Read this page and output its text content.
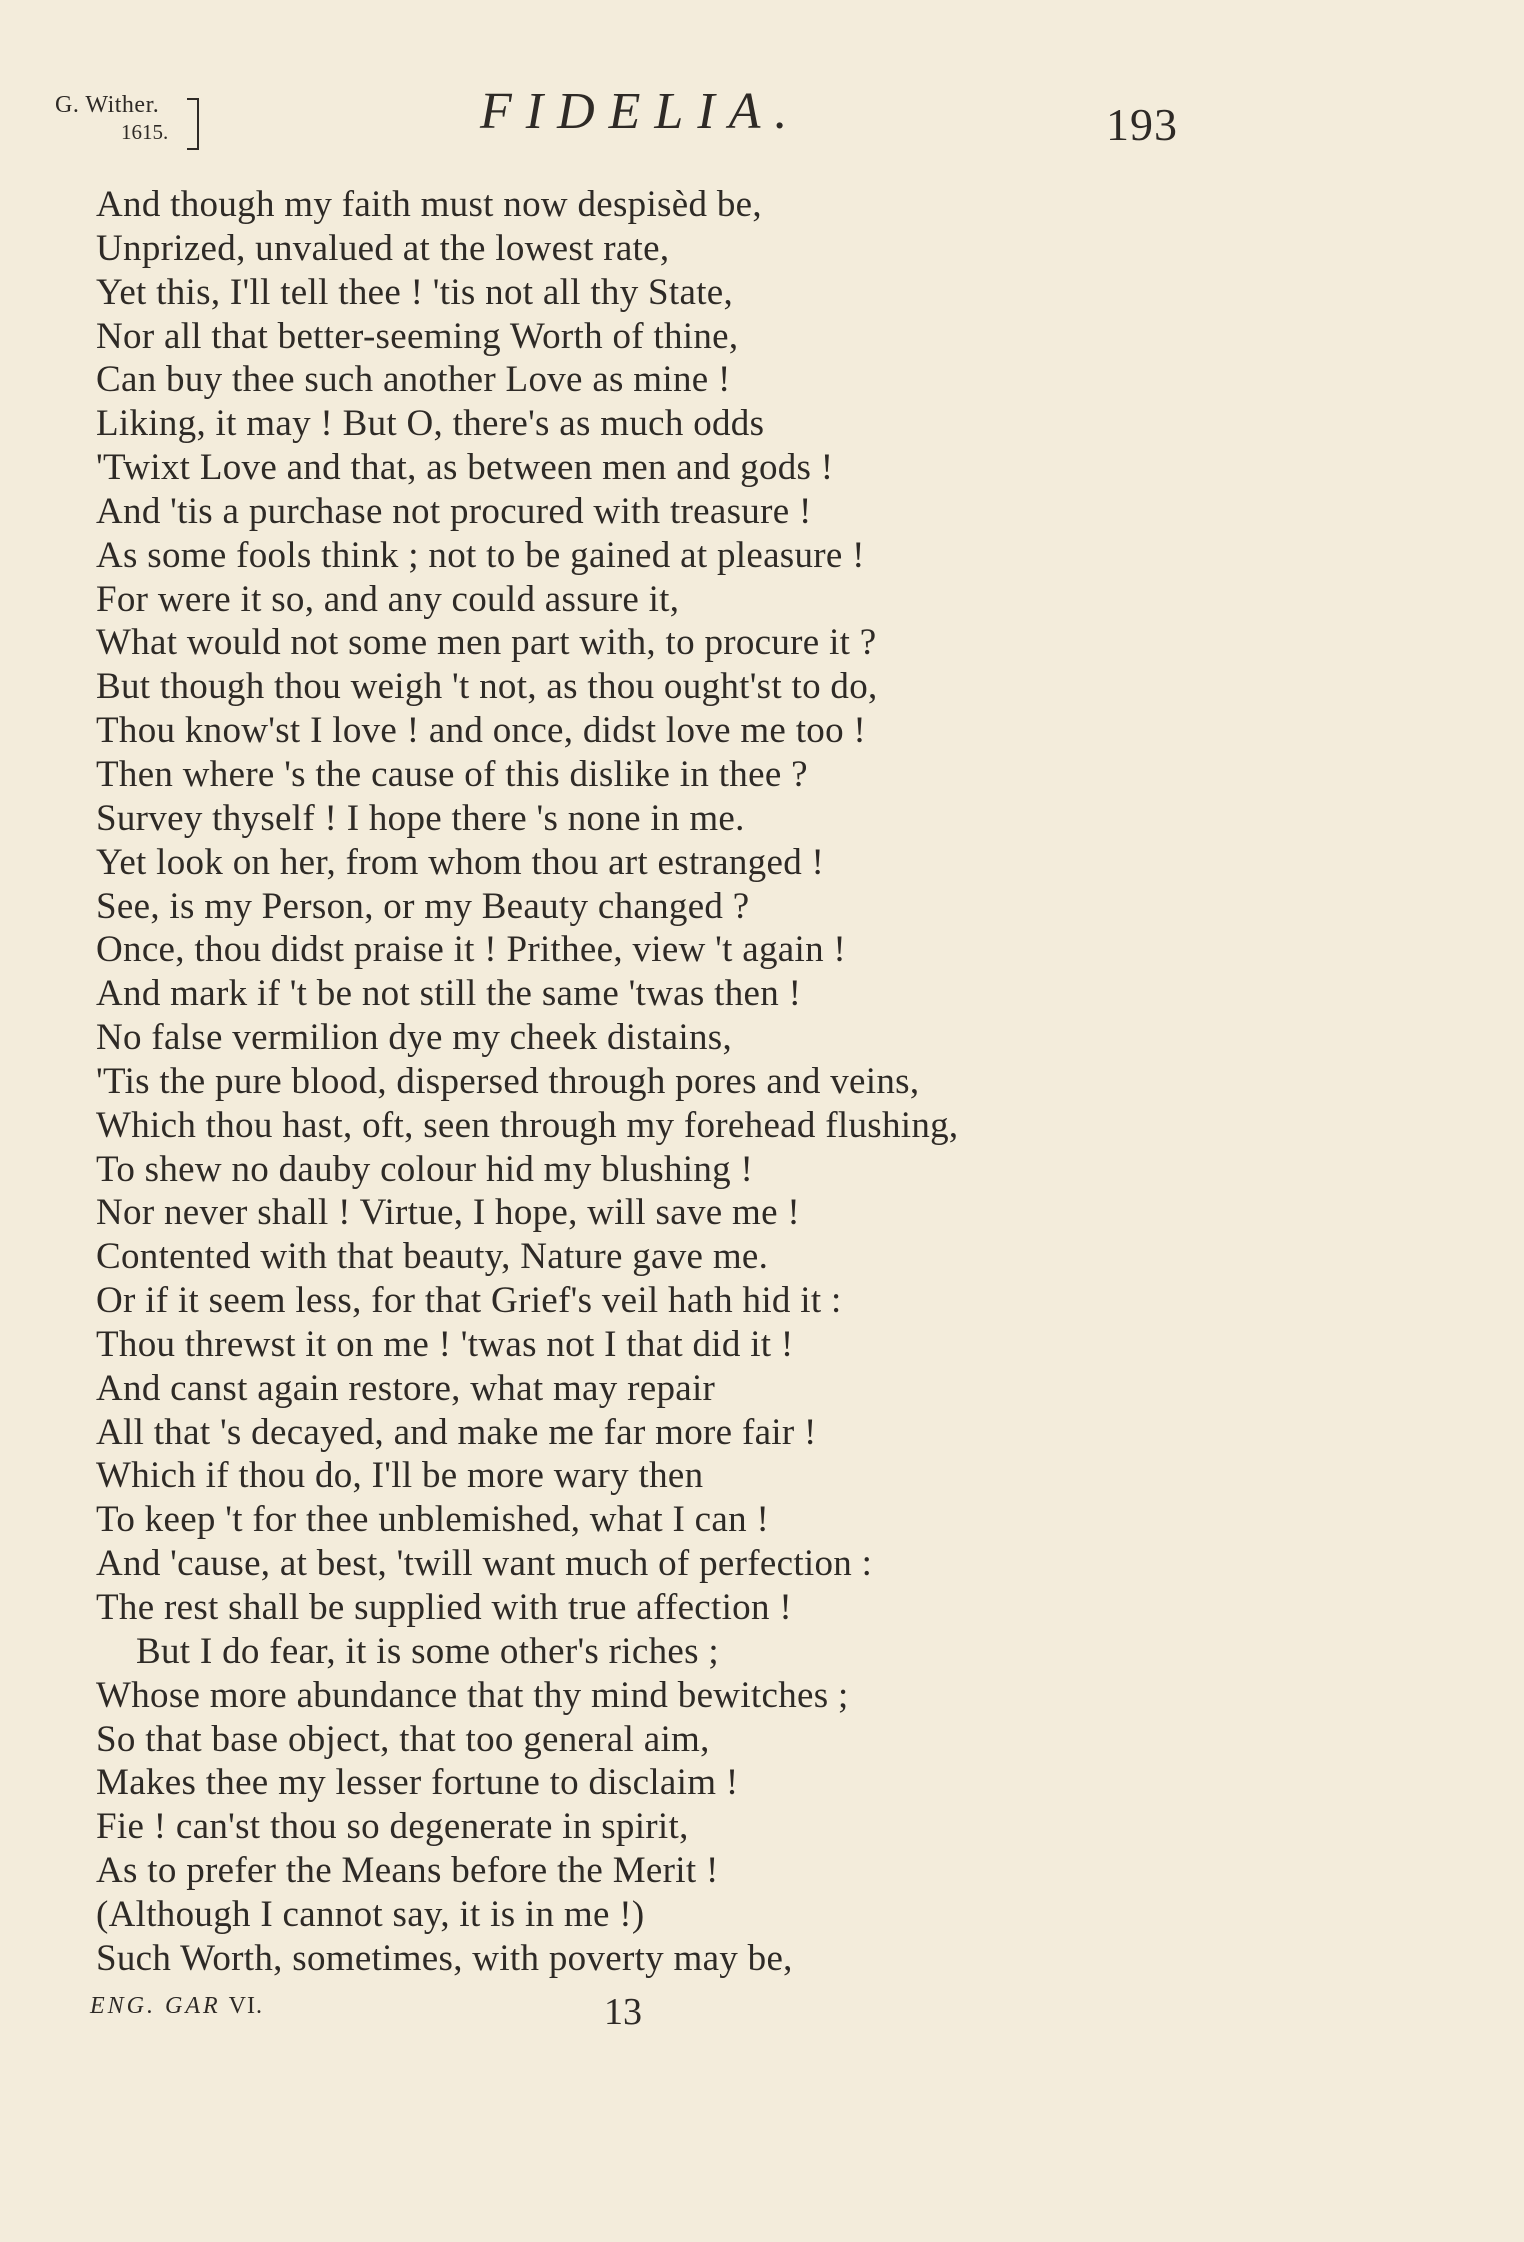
G. Wither.
1615.	FIDELIA.	193
And though my faith must now despisèd be,
Unprized, unvalued at the lowest rate,
Yet this, I'll tell thee ! 'tis not all thy State,
Nor all that better-seeming Worth of thine,
Can buy thee such another Love as mine !
Liking, it may ! But O, there's as much odds
'Twixt Love and that, as between men and gods !
And 'tis a purchase not procured with treasure !
As some fools think ; not to be gained at pleasure !
For were it so, and any could assure it,
What would not some men part with, to procure it ?
But though thou weigh 't not, as thou ought'st to do,
Thou know'st I love ! and once, didst love me too !
Then where 's the cause of this dislike in thee ?
Survey thyself ! I hope there 's none in me.
Yet look on her, from whom thou art estranged !
See, is my Person, or my Beauty changed ?
Once, thou didst praise it ! Prithee, view 't again !
And mark if 't be not still the same 'twas then !
No false vermilion dye my cheek distains,
'Tis the pure blood, dispersed through pores and veins,
Which thou hast, oft, seen through my forehead flushing,
To shew no dauby colour hid my blushing !
Nor never shall ! Virtue, I hope, will save me !
Contented with that beauty, Nature gave me.
Or if it seem less, for that Grief's veil hath hid it :
Thou threwst it on me ! 'twas not I that did it !
And canst again restore, what may repair
All that 's decayed, and make me far more fair !
Which if thou do, I'll be more wary then
To keep 't for thee unblemished, what I can !
And 'cause, at best, 'twill want much of perfection :
The rest shall be supplied with true affection !
But I do fear, it is some other's riches ;
Whose more abundance that thy mind bewitches ;
So that base object, that too general aim,
Makes thee my lesser fortune to disclaim !
Fie ! can'st thou so degenerate in spirit,
As to prefer the Means before the Merit !
(Although I cannot say, it is in me !)
Such Worth, sometimes, with poverty may be,
ENG. GAR VI.	13
